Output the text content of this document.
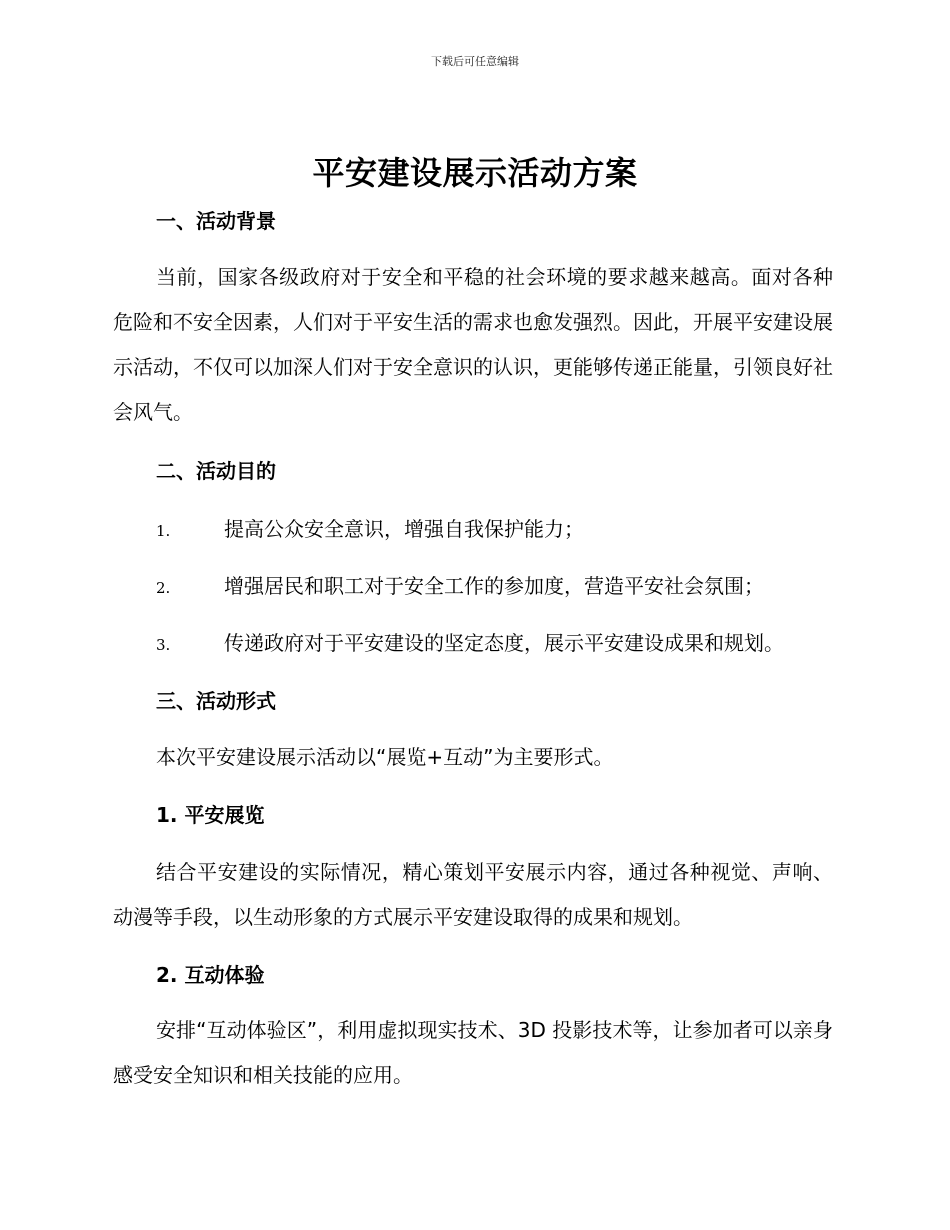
下载后可任意编辑
平安建设展示活动方案
一、活动背景

当前，国家各级政府对于安全和平稳的社会环境的要求越来越高。面对各种危险和不安全因素，人们对于平安生活的需求也愈发强烈。因此，开展平安建设展示活动，不仅可以加深人们对于安全意识的认识，更能够传递正能量，引领良好社会风气。

二、活动目的
1.	提高公众安全意识，增强自我保护能力；
2.	增强居民和职工对于安全工作的参加度，营造平安社会氛围；
3.	传递政府对于平安建设的坚定态度，展示平安建设成果和规划。
三、活动形式
本次平安建设展示活动以“展览+互动”为主要形式。
1. 平安展览

结合平安建设的实际情况，精心策划平安展示内容，通过各种视觉、声响、动漫等手段，以生动形象的方式展示平安建设取得的成果和规划。

2. 互动体验

安排“互动体验区”，利用虚拟现实技术、3D 投影技术等，让参加者可以亲身感受安全知识和相关技能的应用。
